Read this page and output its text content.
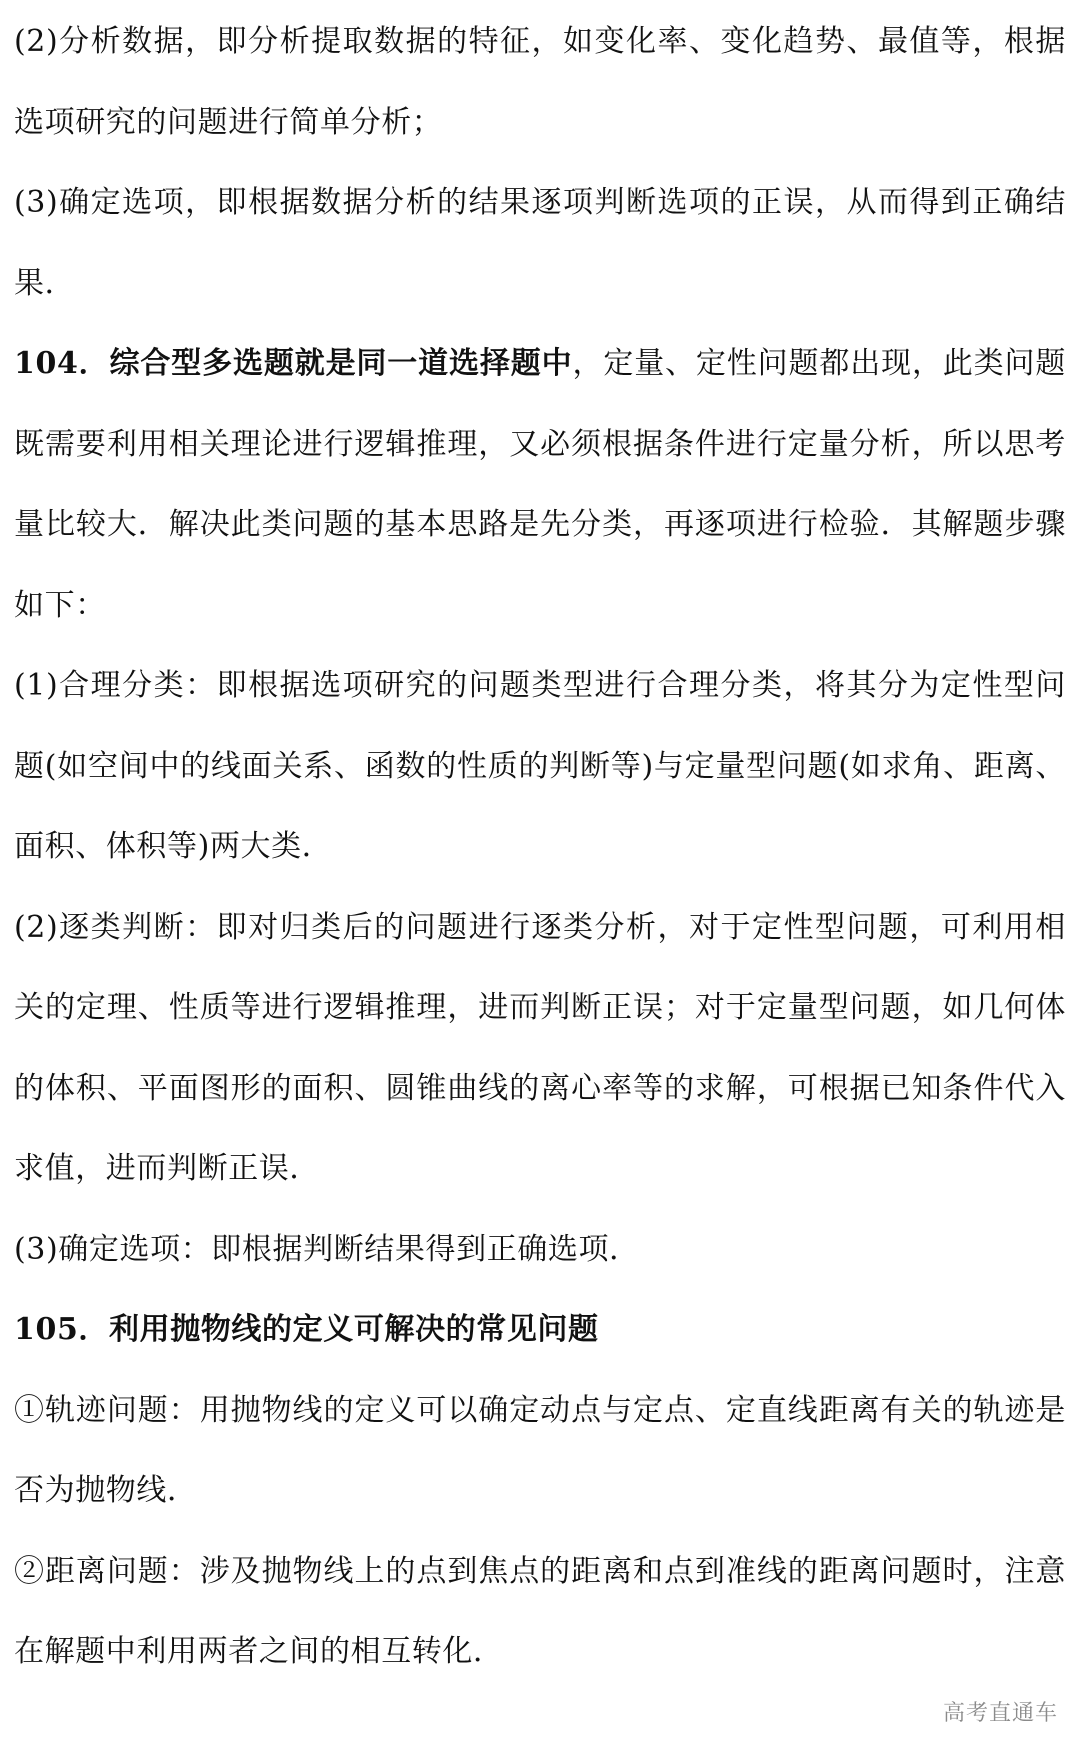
(2)分析数据，即分析提取数据的特征，如变化率、变化趋势、最值等，根据选项研究的问题进行简单分析；

(3)确定选项，即根据数据分析的结果逐项判断选项的正误，从而得到正确结果．

104．综合型多选题就是同一道选择题中，定量、定性问题都出现，此类问题既需要利用相关理论进行逻辑推理，又必须根据条件进行定量分析，所以思考量比较大．解决此类问题的基本思路是先分类，再逐项进行检验．其解题步骤如下：

(1)合理分类：即根据选项研究的问题类型进行合理分类，将其分为定性型问题(如空间中的线面关系、函数的性质的判断等)与定量型问题(如求角、距离、面积、体积等)两大类．

(2)逐类判断：即对归类后的问题进行逐类分析，对于定性型问题，可利用相关的定理、性质等进行逻辑推理，进而判断正误；对于定量型问题，如几何体的体积、平面图形的面积、圆锥曲线的离心率等的求解，可根据已知条件代入求值，进而判断正误．

(3)确定选项：即根据判断结果得到正确选项．

105．利用抛物线的定义可解决的常见问题

①轨迹问题：用抛物线的定义可以确定动点与定点、定直线距离有关的轨迹是否为抛物线．

②距离问题：涉及抛物线上的点到焦点的距离和点到准线的距离问题时，注意在解题中利用两者之间的相互转化．

高考直通车
